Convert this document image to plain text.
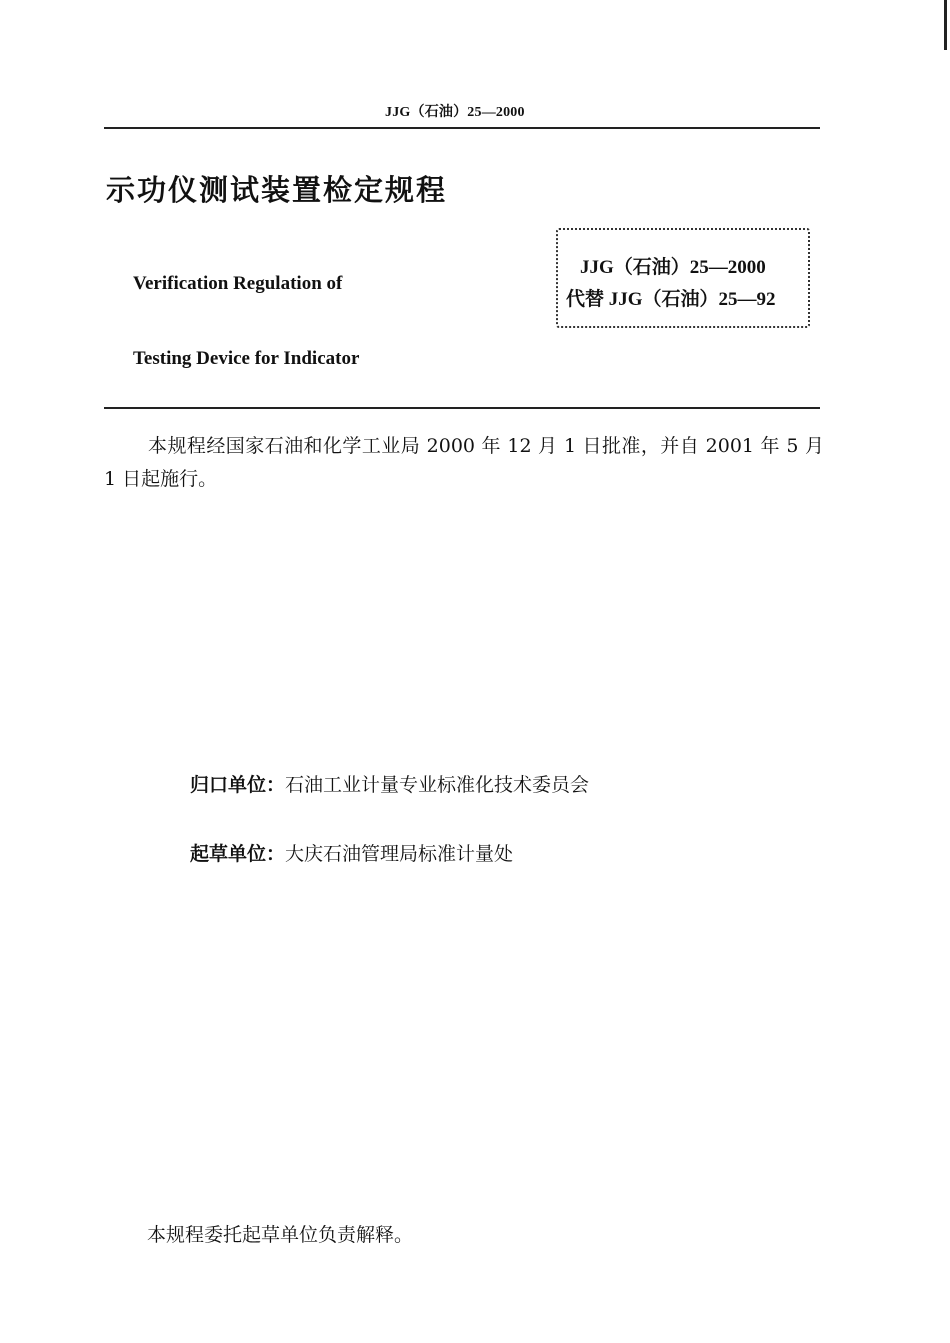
JJG（石油）25—2000
示功仪测试装置检定规程
Verification Regulation of
Testing Device for Indicator
JJG（石油）25—2000
代替 JJG（石油）25—92
本规程经国家石油和化学工业局 2000 年 12 月 1 日批准，并自 2001 年 5 月 1 日起施行。
归口单位：石油工业计量专业标准化技术委员会
起草单位：大庆石油管理局标准计量处
本规程委托起草单位负责解释。
